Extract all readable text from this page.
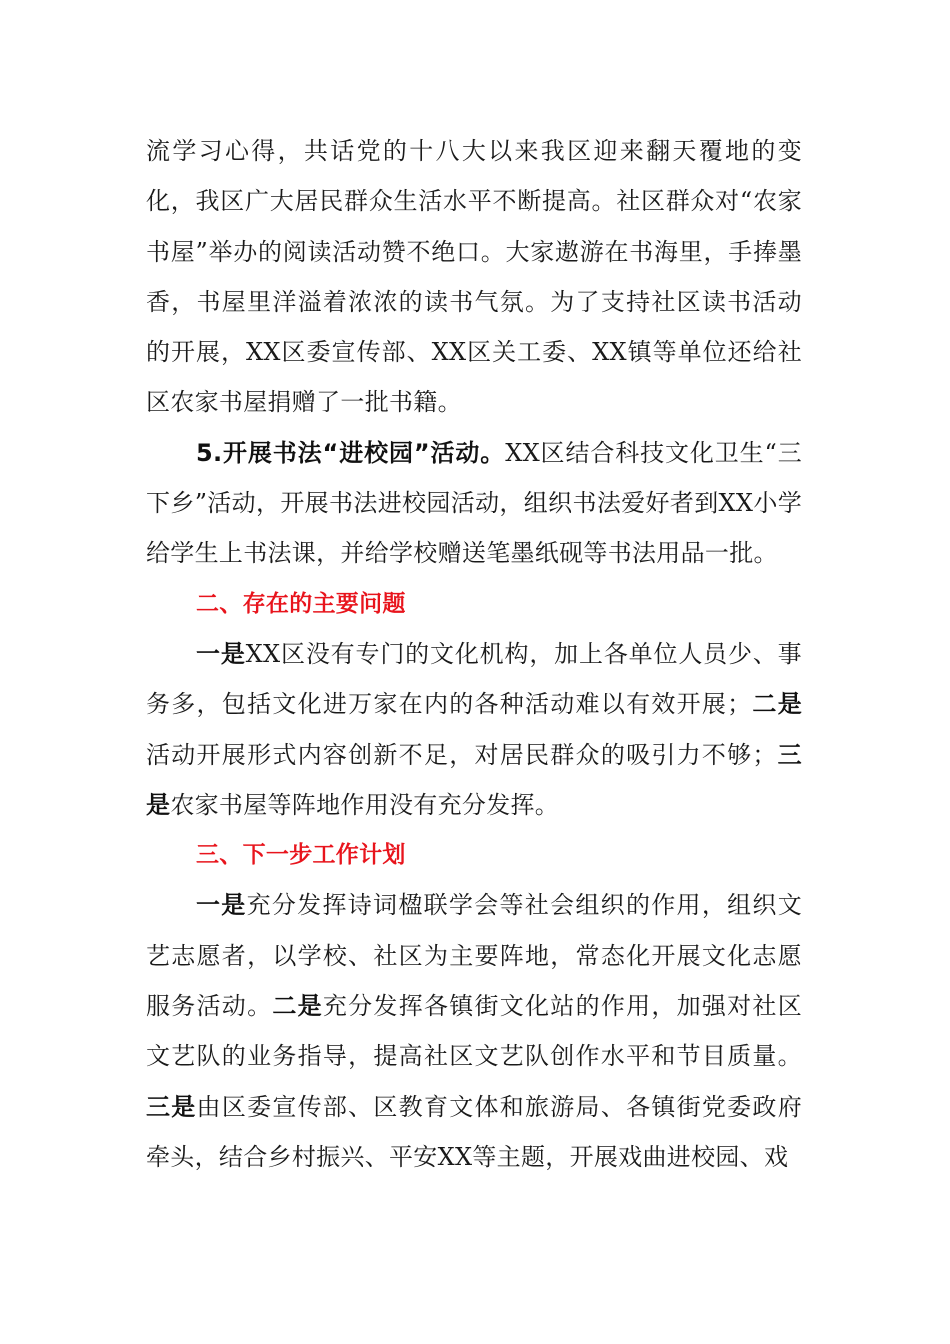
流学习心得，共话党的十八大以来我区迎来翻天覆地的变化，我区广大居民群众生活水平不断提高。社区群众对“农家书屋”举办的阅读活动赞不绝口。大家遨游在书海里，手捧墨香，书屋里洋溢着浓浓的读书气氛。为了支持社区读书活动的开展，XX区委宣传部、XX区关工委、XX镇等单位还给社区农家书屋捐赠了一批书籍。

5.开展书法“进校园”活动。XX区结合科技文化卫生“三下乡”活动，开展书法进校园活动，组织书法爱好者到XX小学给学生上书法课，并给学校赠送笔墨纸砚等书法用品一批。

二、存在的主要问题

一是XX区没有专门的文化机构，加上各单位人员少、事务多，包括文化进万家在内的各种活动难以有效开展；二是活动开展形式内容创新不足，对居民群众的吸引力不够；三是农家书屋等阵地作用没有充分发挥。

三、下一步工作计划

一是充分发挥诗词楹联学会等社会组织的作用，组织文艺志愿者，以学校、社区为主要阵地，常态化开展文化志愿服务活动。二是充分发挥各镇街文化站的作用，加强对社区文艺队的业务指导，提高社区文艺队创作水平和节目质量。三是由区委宣传部、区教育文体和旅游局、各镇街党委政府牵头，结合乡村振兴、平安XX等主题，开展戏曲进校园、戏
